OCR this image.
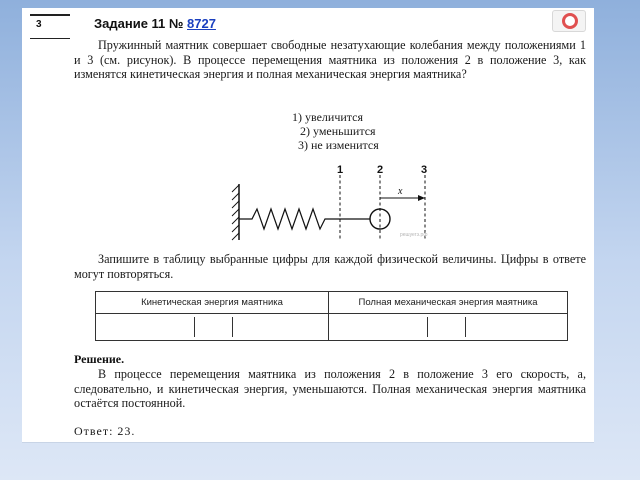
3	Задание 11 № 8727
Пружинный маятник совершает свободные незатухающие колебания между положениями 1 и 3 (см. рисунок). В процессе перемещения маятника из положения 2 в положение 3, как изменятся кинетическая энергия и полная механическая энергия маятника?
1) увеличится
2) уменьшится
3) не изменится
1	2	3
x
решуегэ.рф
Запишите в таблицу выбранные цифры для каждой физической величины. Цифры в ответе могут повторяться.
Кинетическая энергия маятника	Полная механическая энергия маятника

Решение.
В процессе перемещения маятника из положения 2 в положение 3 его скорость, а, следовательно, и кинетическая энергия, уменьшаются. Полная механическая энергия маятника остаётся постоянной.
Ответ: 23.
